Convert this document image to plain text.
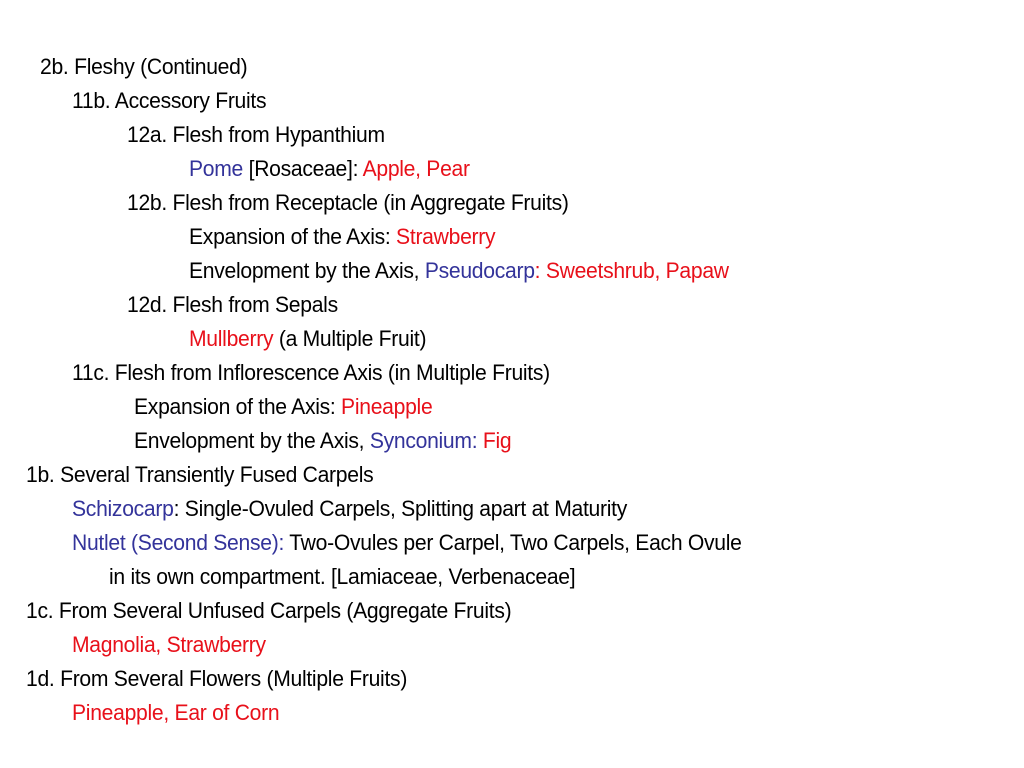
2b. Fleshy (Continued)
11b. Accessory Fruits
12a. Flesh from Hypanthium
Pome [Rosaceae]: Apple, Pear
12b. Flesh from Receptacle (in Aggregate Fruits)
Expansion of the Axis: Strawberry
Envelopment by the Axis, Pseudocarp: Sweetshrub, Papaw
12d. Flesh from Sepals
Mullberry (a Multiple Fruit)
11c. Flesh from Inflorescence Axis (in Multiple Fruits)
Expansion of the Axis: Pineapple
Envelopment by the Axis, Synconium: Fig
1b. Several Transiently Fused Carpels
Schizocarp: Single-Ovuled Carpels, Splitting apart at Maturity
Nutlet (Second Sense): Two-Ovules per Carpel, Two Carpels, Each Ovule
in its own compartment. [Lamiaceae, Verbenaceae]
1c. From Several Unfused Carpels (Aggregate Fruits)
Magnolia, Strawberry
1d. From Several Flowers (Multiple Fruits)
Pineapple, Ear of Corn
